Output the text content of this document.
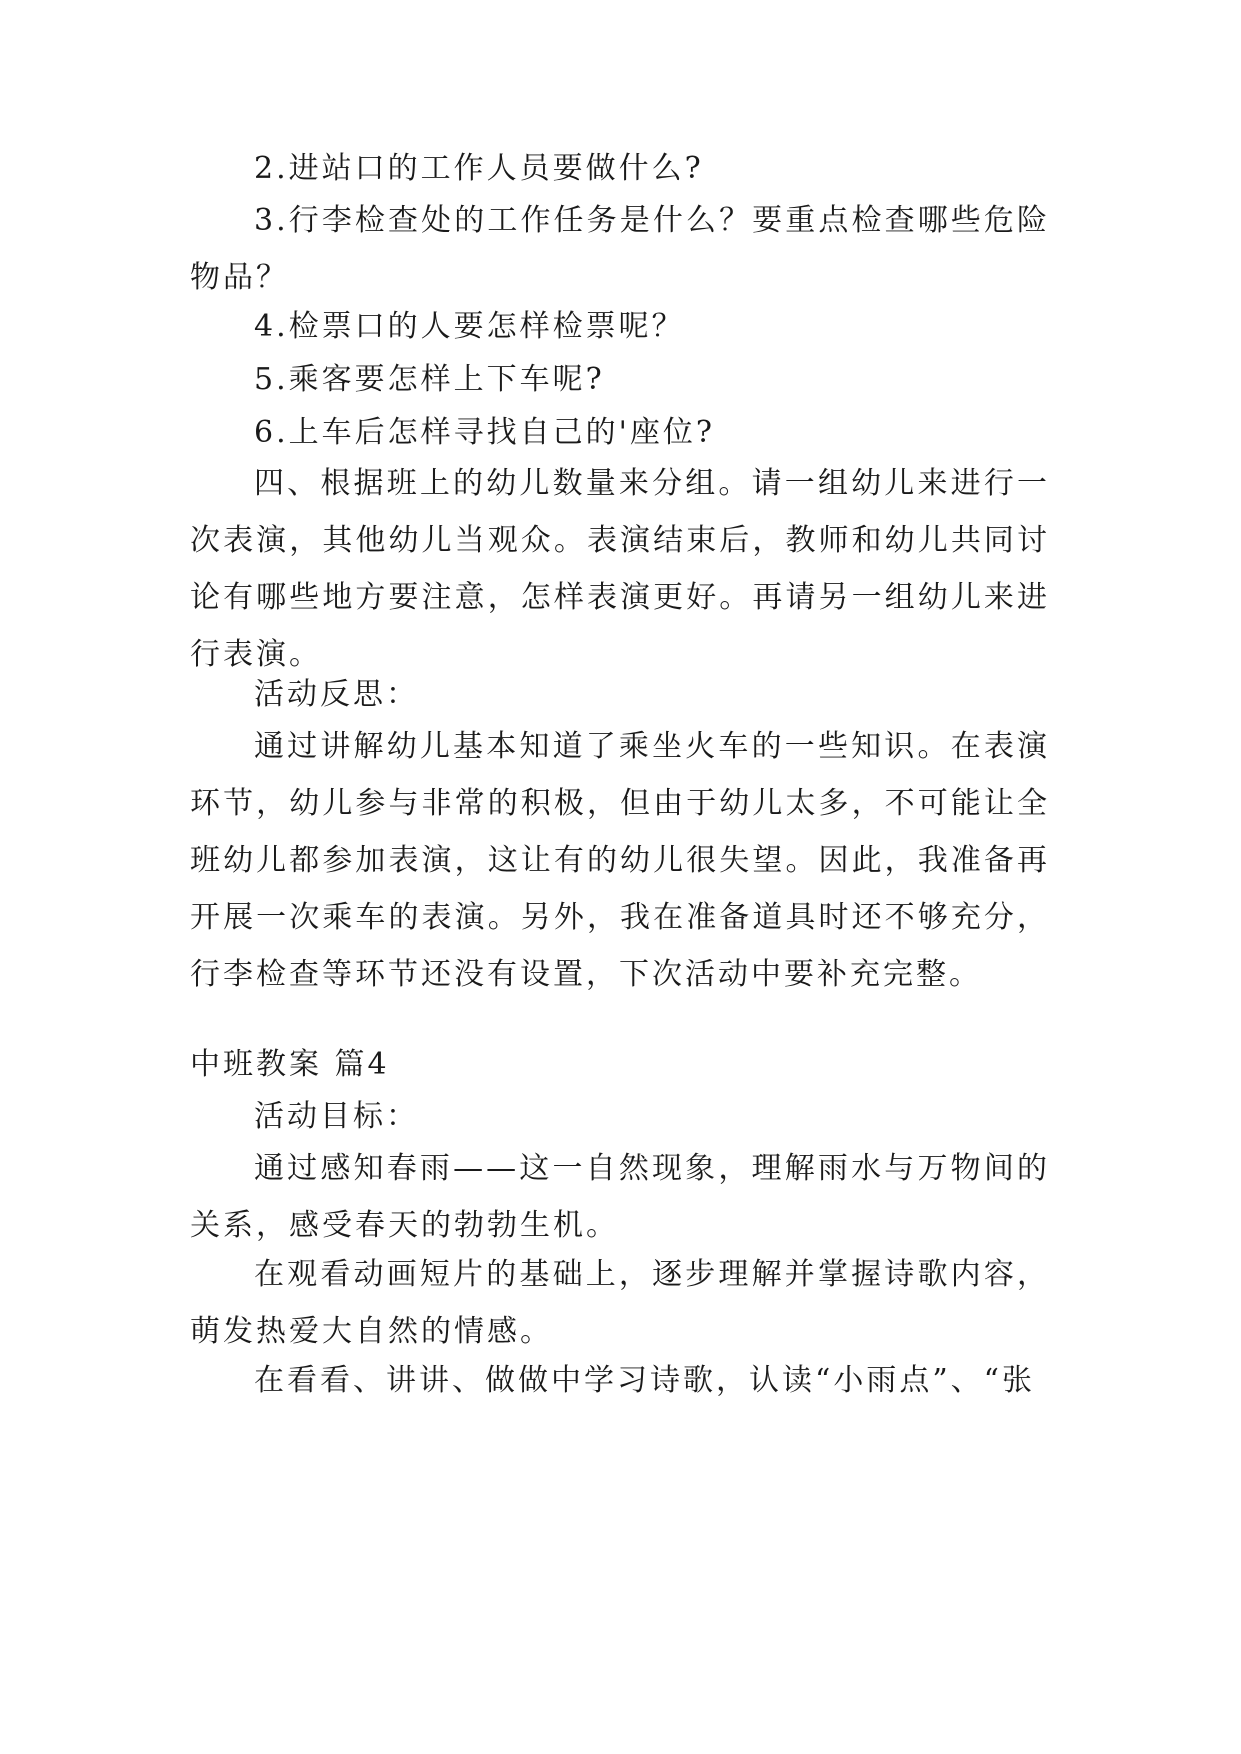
2.进站口的工作人员要做什么?

3.行李检查处的工作任务是什么？要重点检查哪些危险物品？

4.检票口的人要怎样检票呢？

5.乘客要怎样上下车呢?

6.上车后怎样寻找自己的'座位?

四、根据班上的幼儿数量来分组。请一组幼儿来进行一次表演，其他幼儿当观众。表演结束后，教师和幼儿共同讨论有哪些地方要注意，怎样表演更好。再请另一组幼儿来进行表演。

活动反思：

通过讲解幼儿基本知道了乘坐火车的一些知识。在表演环节，幼儿参与非常的积极，但由于幼儿太多，不可能让全班幼儿都参加表演，这让有的幼儿很失望。因此，我准备再开展一次乘车的表演。另外，我在准备道具时还不够充分，行李检查等环节还没有设置，下次活动中要补充完整。

中班教案 篇4

活动目标：

通过感知春雨——这一自然现象，理解雨水与万物间的关系，感受春天的勃勃生机。

在观看动画短片的基础上，逐步理解并掌握诗歌内容，萌发热爱大自然的情感。

在看看、讲讲、做做中学习诗歌，认读“小雨点”、“张
